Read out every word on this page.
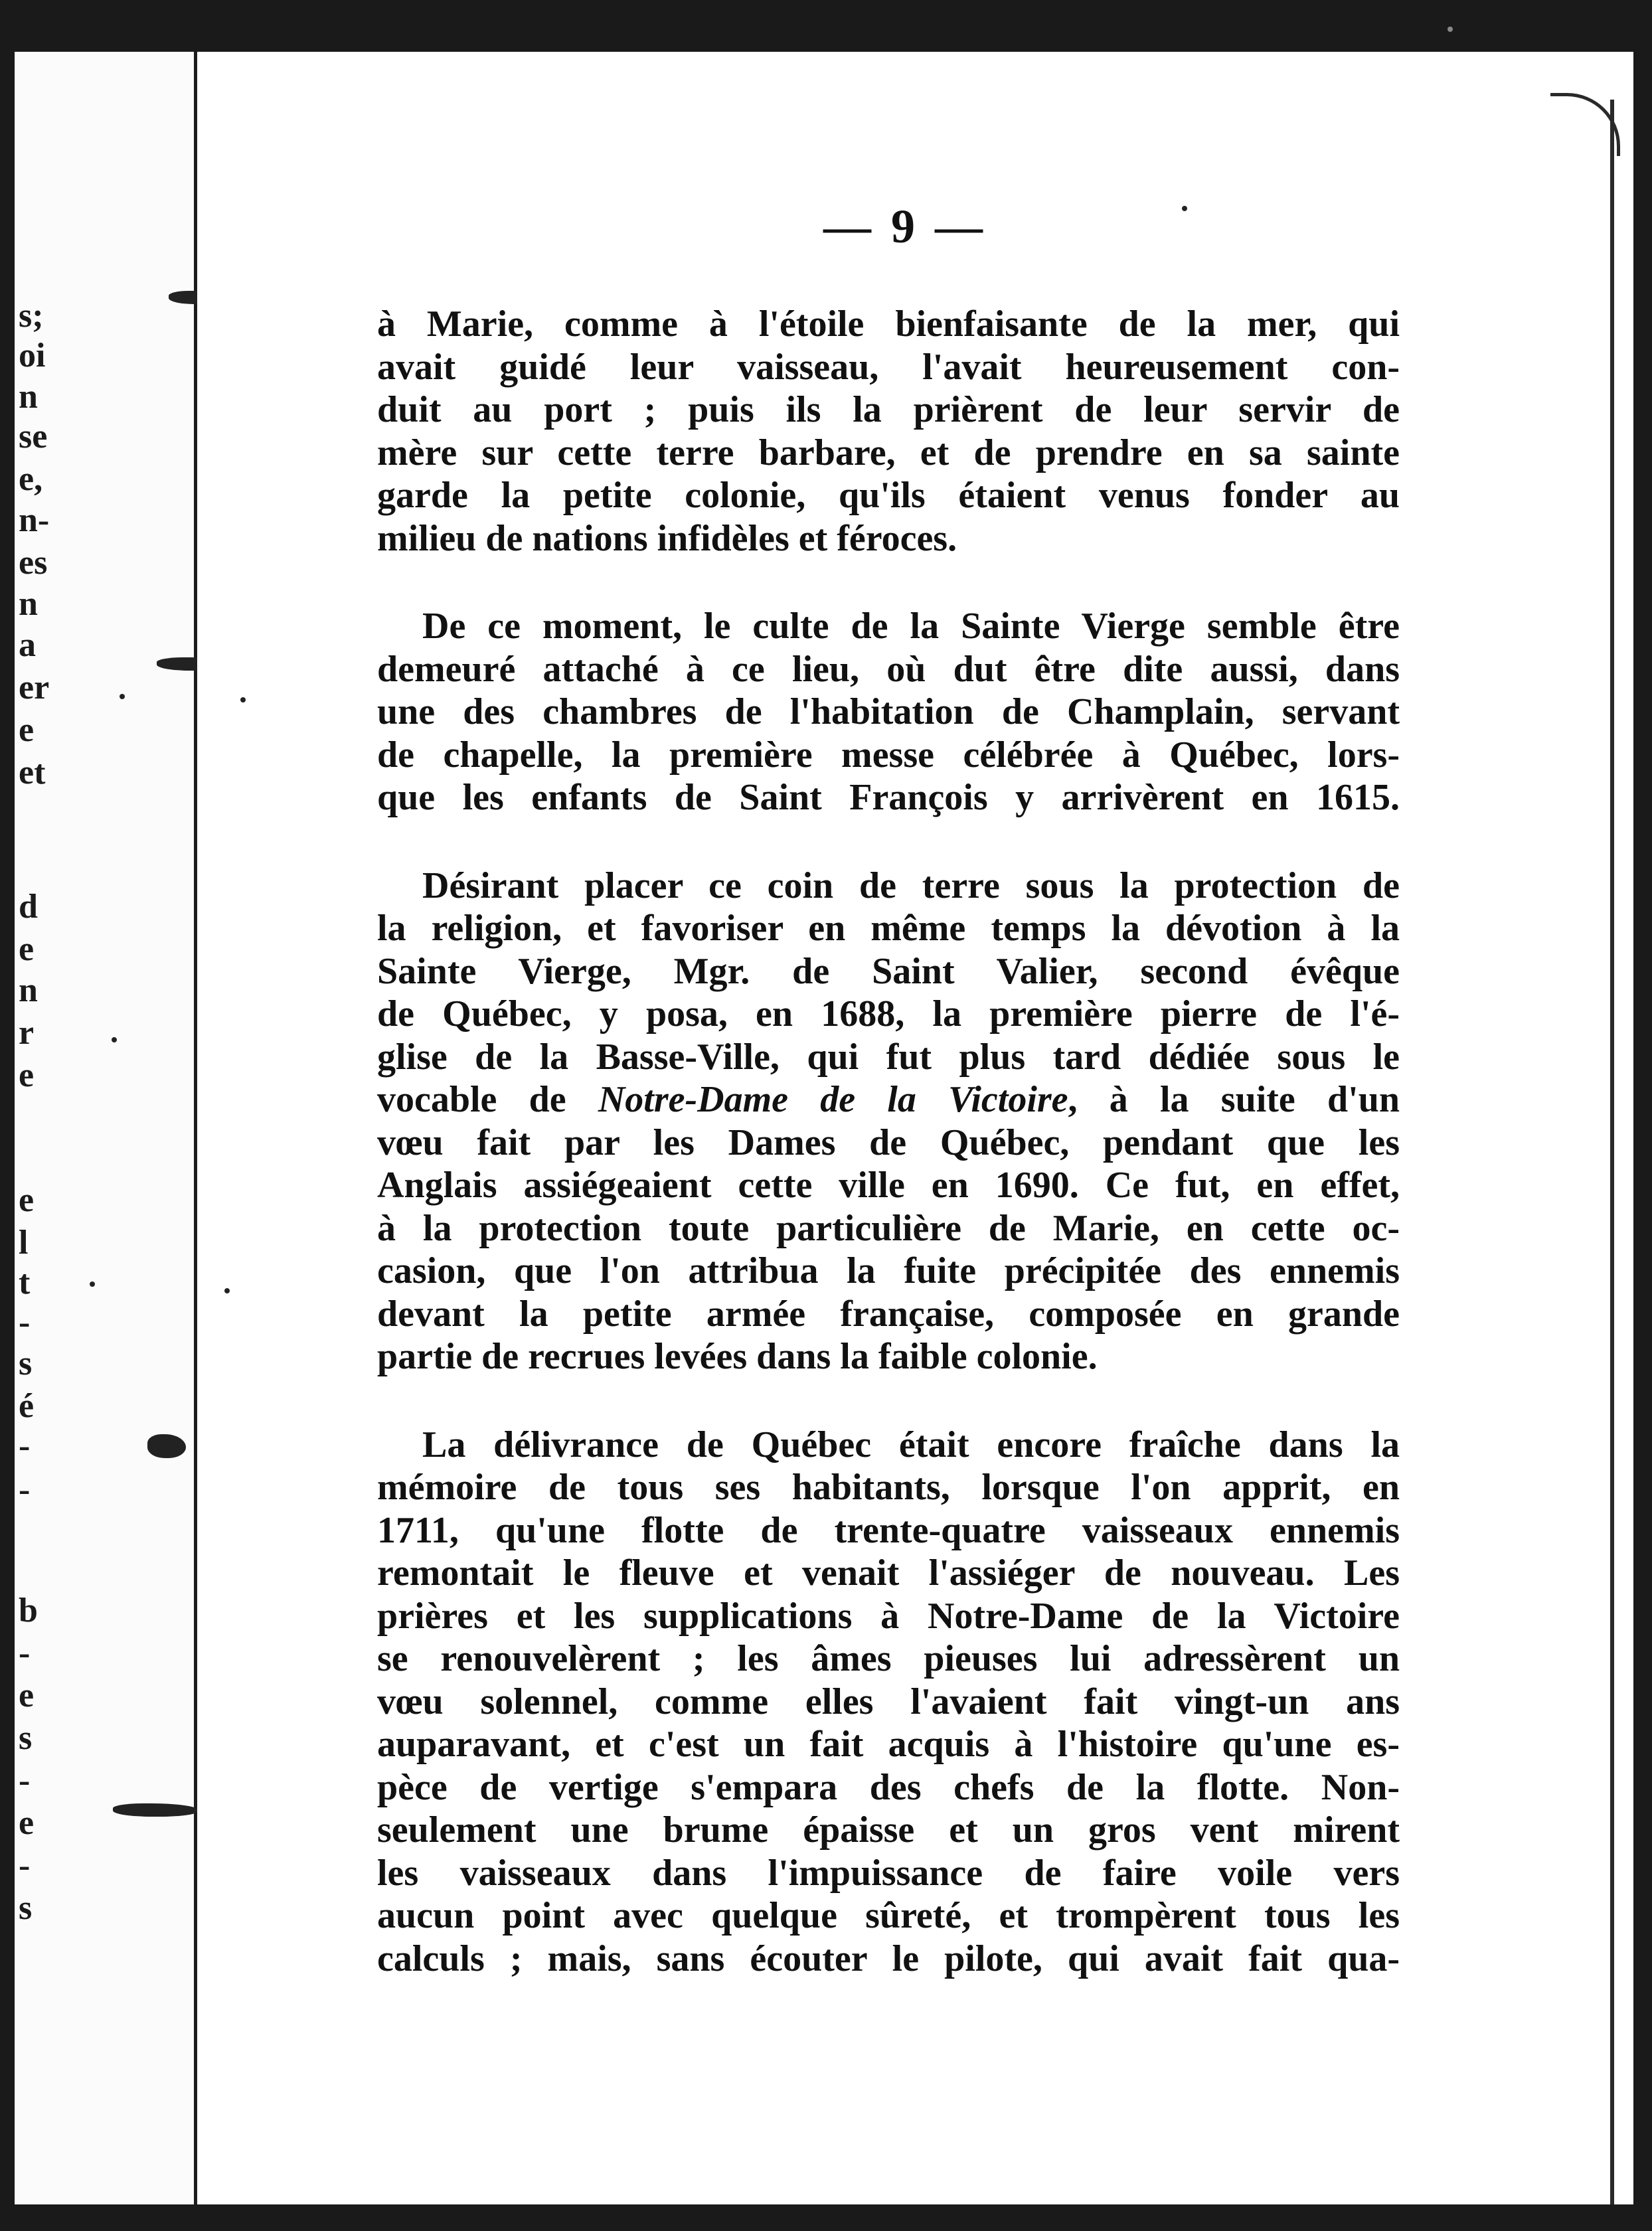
s;
oi
n
se
e,
n-
es
n
a
er
e
et
d
e
n
r
e
e
l
t
-
s
é
-
-
b
-
e
s
-
e
-
s
— 9 —

à Marie, comme à l'étoile bienfaisante de la mer, qui
avait guidé leur vaisseau, l'avait heureusement con-
duit au port ; puis ils la prièrent de leur servir de
mère sur cette terre barbare, et de prendre en sa sainte
garde la petite colonie, qu'ils étaient venus fonder au
milieu de nations infidèles et féroces.

De ce moment, le culte de la Sainte Vierge semble être
demeuré attaché à ce lieu, où dut être dite aussi, dans
une des chambres de l'habitation de Champlain, servant
de chapelle, la première messe célébrée à Québec, lors-
que les enfants de Saint François y arrivèrent en 1615.

Désirant placer ce coin de terre sous la protection de
la religion, et favoriser en même temps la dévotion à la
Sainte Vierge, Mgr. de Saint Valier, second évêque
de Québec, y posa, en 1688, la première pierre de l'é-
glise de la Basse-Ville, qui fut plus tard dédiée sous le
vocable de Notre-Dame de la Victoire, à la suite d'un
vœu fait par les Dames de Québec, pendant que les
Anglais assiégeaient cette ville en 1690. Ce fut, en effet,
à la protection toute particulière de Marie, en cette oc-
casion, que l'on attribua la fuite précipitée des ennemis
devant la petite armée française, composée en grande
partie de recrues levées dans la faible colonie.

La délivrance de Québec était encore fraîche dans la
mémoire de tous ses habitants, lorsque l'on apprit, en
1711, qu'une flotte de trente-quatre vaisseaux ennemis
remontait le fleuve et venait l'assiéger de nouveau. Les
prières et les supplications à Notre-Dame de la Victoire
se renouvelèrent ; les âmes pieuses lui adressèrent un
vœu solennel, comme elles l'avaient fait vingt-un ans
auparavant, et c'est un fait acquis à l'histoire qu'une es-
pèce de vertige s'empara des chefs de la flotte. Non-
seulement une brume épaisse et un gros vent mirent
les vaisseaux dans l'impuissance de faire voile vers
aucun point avec quelque sûreté, et trompèrent tous les
calculs ; mais, sans écouter le pilote, qui avait fait qua-
